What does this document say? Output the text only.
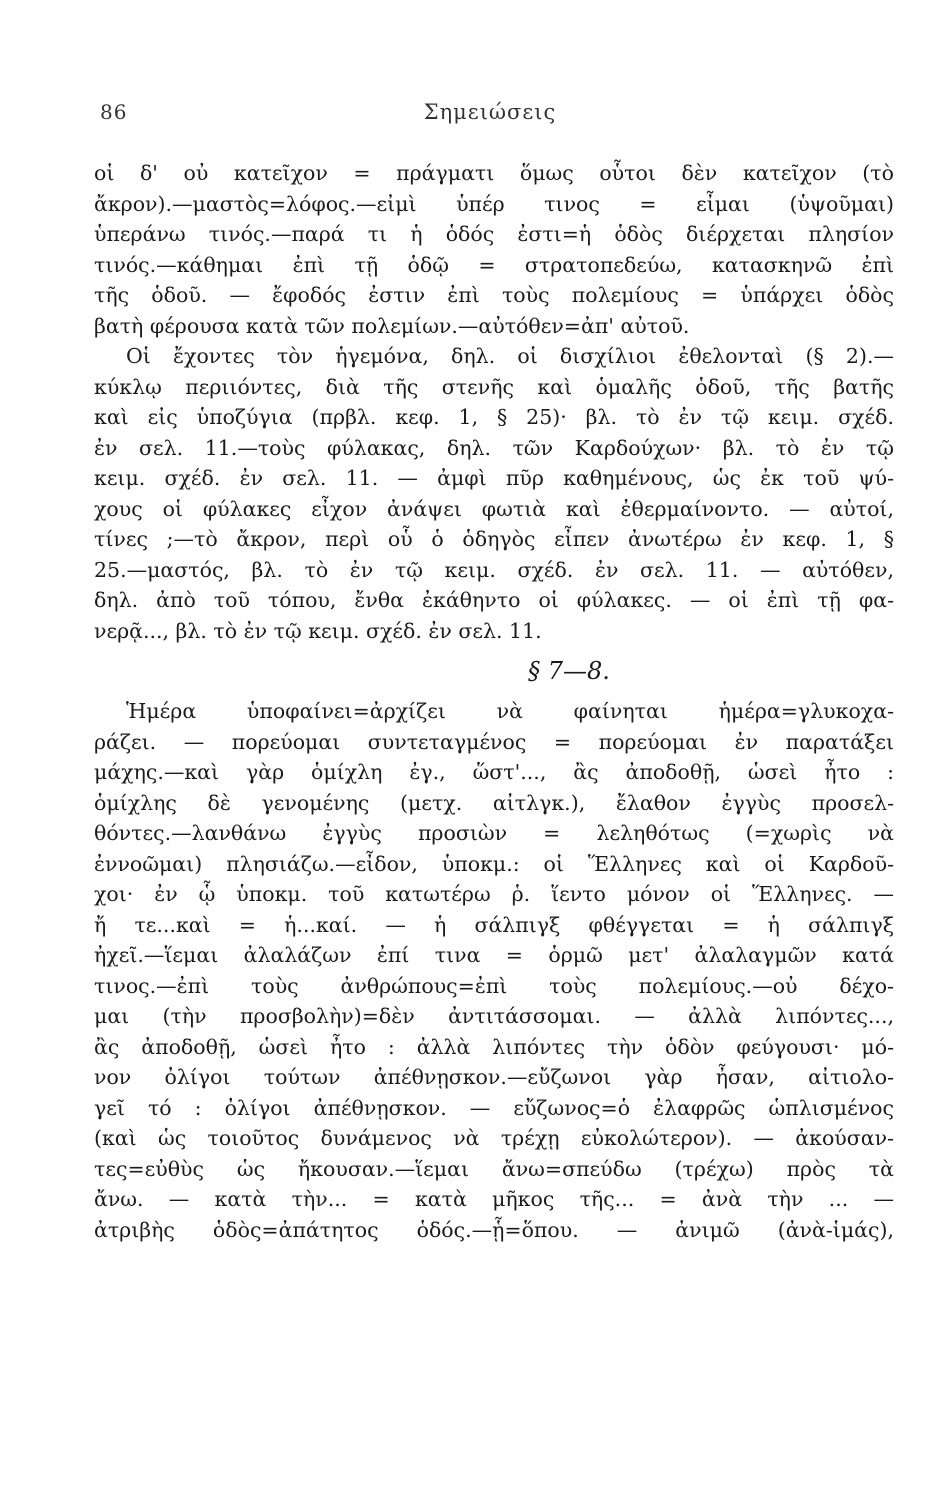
86	Σημειώσεις
οἱ δ' οὐ κατεῖχον = πράγματι ὅμως οὗτοι δὲν κατεῖχον (τὸ
ἄκρον).—μαστὸς=λόφος.—εἰμὶ ὑπέρ τινος = εἶμαι (ὑψοῦμαι)
ὑπεράνω τινός.—παρά τι ἡ ὁδός ἐστι=ἡ ὁδὸς διέρχεται πλησίον
τινός.—κάθημαι ἐπὶ τῇ ὁδῷ = στρατοπεδεύω, κατασκηνῶ ἐπὶ
τῆς ὁδοῦ. — ἔφοδός ἐστιν ἐπὶ τοὺς πολεμίους = ὑπάρχει ὁδὸς
βατὴ φέρουσα κατὰ τῶν πολεμίων.—αὐτόθεν=ἀπ' αὐτοῦ.
Οἱ ἔχοντες τὸν ἡγεμόνα, δηλ. οἱ δισχίλιοι ἐθελονταὶ (§ 2).—
κύκλῳ περιιόντες, διὰ τῆς στενῆς καὶ ὁμαλῆς ὁδοῦ, τῆς βατῆς
καὶ εἰς ὑποζύγια (πρβλ. κεφ. 1, § 25)· βλ. τὸ ἐν τῷ κειμ. σχέδ.
ἐν σελ. 11.—τοὺς φύλακας, δηλ. τῶν Καρδούχων· βλ. τὸ ἐν τῷ
κειμ. σχέδ. ἐν σελ. 11. — ἀμφὶ πῦρ καθημένους, ὡς ἐκ τοῦ ψύ-
χους οἱ φύλακες εἶχον ἀνάψει φωτιὰ καὶ ἐθερμαίνοντο. — αὐτοί,
τίνες ;—τὸ ἄκρον, περὶ οὗ ὁ ὁδηγὸς εἶπεν ἀνωτέρω ἐν κεφ. 1, §
25.—μαστός, βλ. τὸ ἐν τῷ κειμ. σχέδ. ἐν σελ. 11. — αὐτόθεν,
δηλ. ἀπὸ τοῦ τόπου, ἔνθα ἐκάθηντο οἱ φύλακες. — οἱ ἐπὶ τῇ φα-
νερᾷ..., βλ. τὸ ἐν τῷ κειμ. σχέδ. ἐν σελ. 11.
§ 7—8.
Ἡμέρα ὑποφαίνει=ἀρχίζει νὰ φαίνηται ἡμέρα=γλυκοχα-
ράζει. — πορεύομαι συντεταγμένος = πορεύομαι ἐν παρατάξει
μάχης.—καὶ γὰρ ὁμίχλη ἐγ., ὥστ'..., ἂς ἀποδοθῇ, ὡσεὶ ἦτο :
ὁμίχλης δὲ γενομένης (μετχ. αἰτλγκ.), ἔλαθον ἐγγὺς προσελ-
θόντες.—λανθάνω ἐγγὺς προσιὼν = λεληθότως (=χωρὶς νὰ
ἐννοῶμαι) πλησιάζω.—εἶδον, ὑποκμ.: οἱ Ἕλληνες καὶ οἱ Καρδοῦ-
χοι· ἐν ᾧ ὑποκμ. τοῦ κατωτέρω ῥ. ἵεντο μόνον οἱ Ἕλληνες. —
ἤ τε...καὶ = ἡ...καί. — ἡ σάλπιγξ φθέγγεται = ἡ σάλπιγξ
ἠχεῖ.—ἵεμαι ἀλαλάζων ἐπί τινα = ὁρμῶ μετ' ἀλαλαγμῶν κατά
τινος.—ἐπὶ τοὺς ἀνθρώπους=ἐπὶ τοὺς πολεμίους.—οὐ δέχο-
μαι (τὴν προσβολὴν)=δὲν ἀντιτάσσομαι. — ἀλλὰ λιπόντες...,
ἂς ἀποδοθῇ, ὡσεὶ ἦτο : ἀλλὰ λιπόντες τὴν ὁδὸν φεύγουσι· μό-
νον ὀλίγοι τούτων ἀπέθνῃσκον.—εὔζωνοι γὰρ ἦσαν, αἰτιολο-
γεῖ τό : ὀλίγοι ἀπέθνῃσκον. — εὔζωνος=ὁ ἐλαφρῶς ὡπλισμένος
(καὶ ὡς τοιοῦτος δυνάμενος νὰ τρέχῃ εὐκολώτερον). — ἀκούσαν-
τες=εὐθὺς ὡς ἤκουσαν.—ἵεμαι ἄνω=σπεύδω (τρέχω) πρὸς τὰ
ἄνω. — κατὰ τὴν... = κατὰ μῆκος τῆς... = ἀνὰ τὴν ... —
ἀτριβὴς ὁδὸς=ἀπάτητος ὁδός.—ᾗ=ὅπου. — ἀνιμῶ (ἀνὰ-ἱμάς),
